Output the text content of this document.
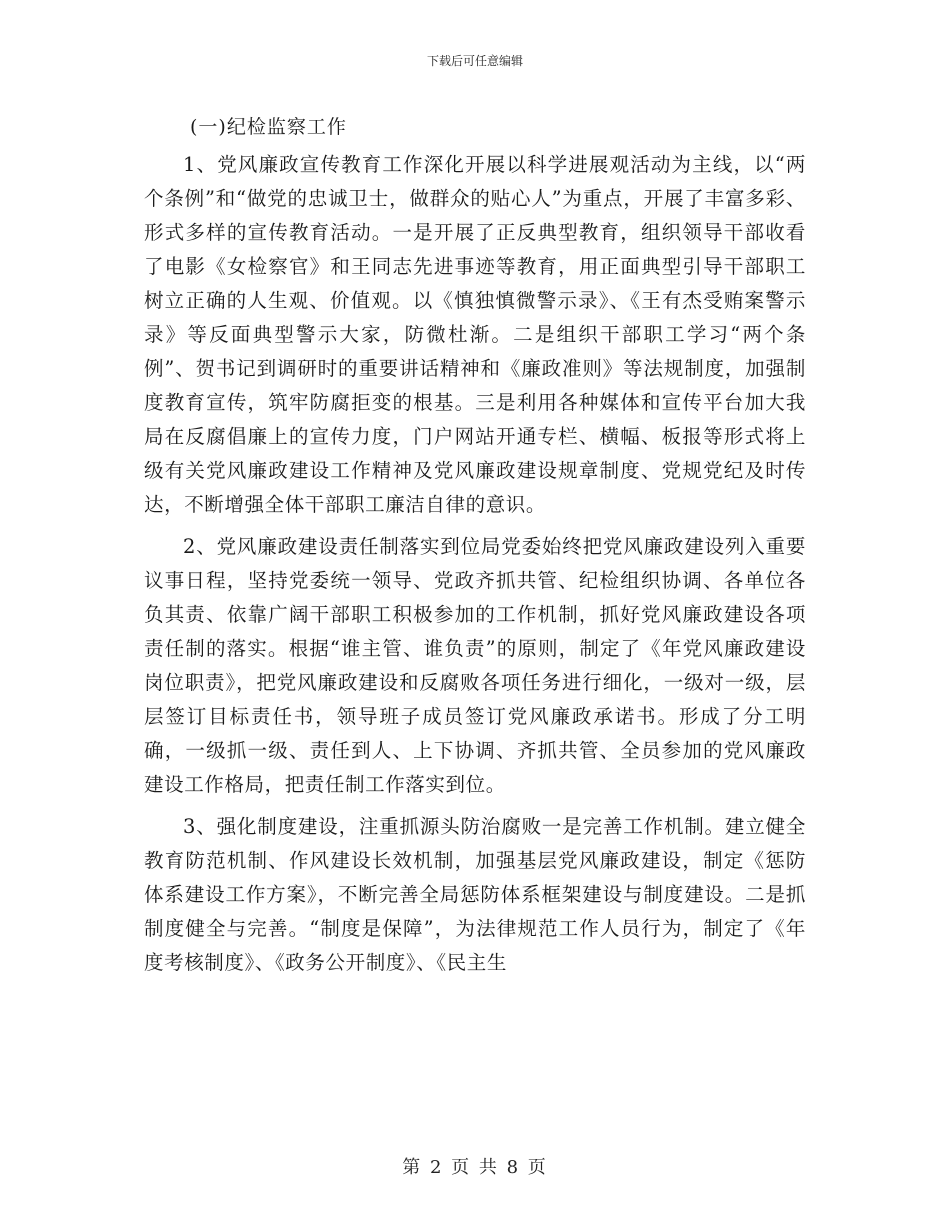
下载后可任意编辑

(一)纪检监察工作

1、党风廉政宣传教育工作深化开展以科学进展观活动为主线，以“两个条例”和“做党的忠诚卫士，做群众的贴心人”为重点，开展了丰富多彩、形式多样的宣传教育活动。一是开展了正反典型教育，组织领导干部收看了电影《女检察官》和王同志先进事迹等教育，用正面典型引导干部职工树立正确的人生观、价值观。以《慎独慎微警示录》、《王有杰受贿案警示录》等反面典型警示大家，防微杜渐。二是组织干部职工学习“两个条例”、贺书记到调研时的重要讲话精神和《廉政准则》等法规制度，加强制度教育宣传，筑牢防腐拒变的根基。三是利用各种媒体和宣传平台加大我局在反腐倡廉上的宣传力度，门户网站开通专栏、横幅、板报等形式将上级有关党风廉政建设工作精神及党风廉政建设规章制度、党规党纪及时传达，不断增强全体干部职工廉洁自律的意识。

2、党风廉政建设责任制落实到位局党委始终把党风廉政建设列入重要议事日程，坚持党委统一领导、党政齐抓共管、纪检组织协调、各单位各负其责、依靠广阔干部职工积极参加的工作机制，抓好党风廉政建设各项责任制的落实。根据“谁主管、谁负责”的原则，制定了《年党风廉政建设岗位职责》，把党风廉政建设和反腐败各项任务进行细化，一级对一级，层层签订目标责任书，领导班子成员签订党风廉政承诺书。形成了分工明确，一级抓一级、责任到人、上下协调、齐抓共管、全员参加的党风廉政建设工作格局，把责任制工作落实到位。

3、强化制度建设，注重抓源头防治腐败一是完善工作机制。建立健全教育防范机制、作风建设长效机制，加强基层党风廉政建设，制定《惩防体系建设工作方案》，不断完善全局惩防体系框架建设与制度建设。二是抓制度健全与完善。“制度是保障”，为法律规范工作人员行为，制定了《年度考核制度》、《政务公开制度》、《民主生

第 2 页 共 8 页
